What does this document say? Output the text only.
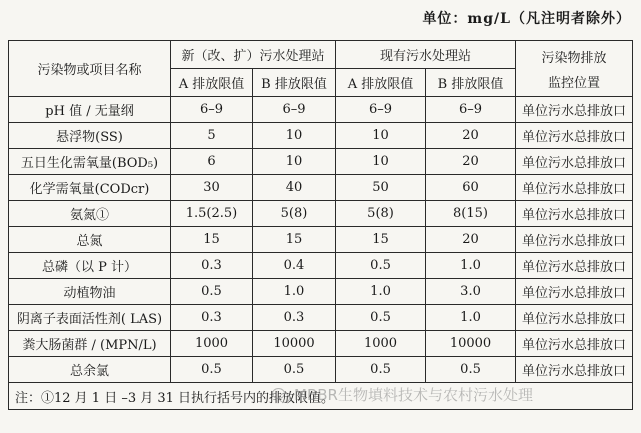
单位：mg/L（凡注明者除外）
污染物或项目名称	新（改、扩）污水处理站		现有污水处理站		污染物排放
监控位置

	A 排放限值	B 排放限值	A 排放限值	B 排放限值	
pH 值 / 无量纲	6–9	6–9	6–9	6–9	单位污水总排放口
悬浮物(SS)	5	10	10	20	单位污水总排放口
五日生化需氧量(BOD₅)	6	10	10	20	单位污水总排放口
化学需氧量(CODcr)	30	40	50	60	单位污水总排放口
氨氮①	1.5(2.5)	5(8)	5(8)	8(15)	单位污水总排放口
总氮	15	15	15	20	单位污水总排放口
总磷（以 P 计）	0.3	0.4	0.5	1.0	单位污水总排放口
动植物油	0.5	1.0	1.0	3.0	单位污水总排放口
阴离子表面活性剂( LAS)	0.3	0.3	0.5	1.0	单位污水总排放口
粪大肠菌群 / (MPN/L)	1000	10000	1000	10000	单位污水总排放口
总余氯	0.5	0.5	0.5	0.5	单位污水总排放口
注：①12 月 1 日 –3 月 31 日执行括号内的排放限值。					
MBBR生物填料技术与农村污水处理
